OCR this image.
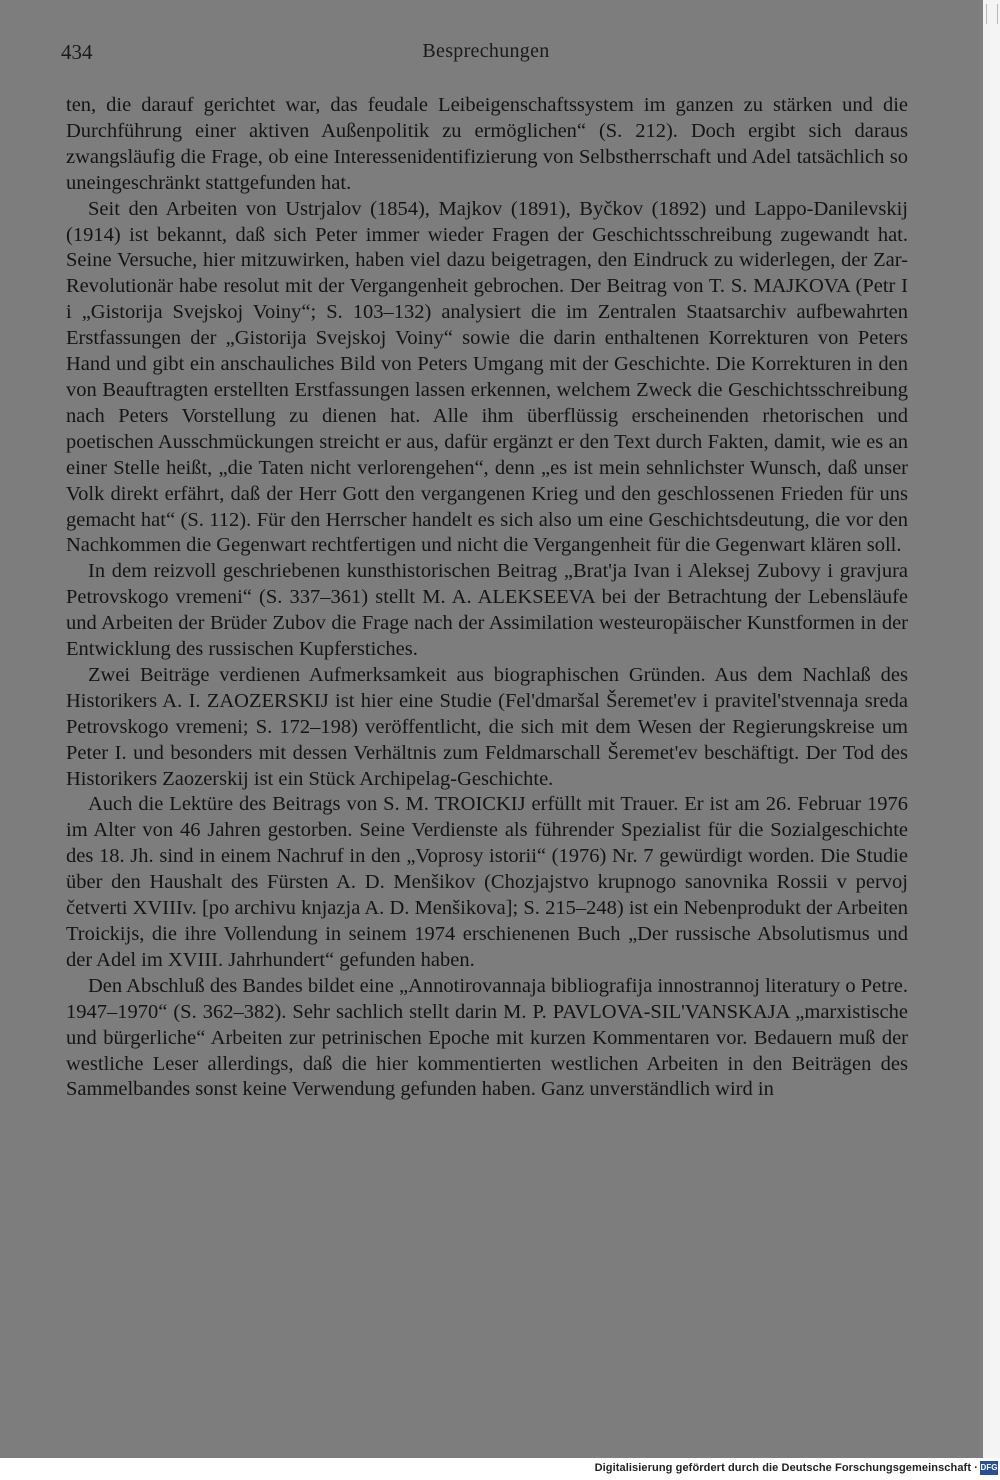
434	Besprechungen

ten, die darauf gerichtet war, das feudale Leibeigenschaftssystem im ganzen zu stärken und die Durchführung einer aktiven Außenpolitik zu ermöglichen“ (S. 212). Doch ergibt sich daraus zwangsläufig die Frage, ob eine Interessenidentifizierung von Selbstherrschaft und Adel tatsächlich so uneingeschränkt stattgefunden hat.

Seit den Arbeiten von Ustrjalov (1854), Majkov (1891), Byčkov (1892) und Lappo-Danilevskij (1914) ist bekannt, daß sich Peter immer wieder Fragen der Geschichtsschreibung zugewandt hat. Seine Versuche, hier mitzuwirken, haben viel dazu beigetragen, den Eindruck zu widerlegen, der Zar-Revolutionär habe resolut mit der Vergangenheit gebrochen. Der Beitrag von T. S. MAJKOVA (Petr I i „Gistorija Svejskoj Voiny“; S. 103–132) analysiert die im Zentralen Staatsarchiv aufbewahrten Erstfassungen der „Gistorija Svejskoj Voiny“ sowie die darin enthaltenen Korrekturen von Peters Hand und gibt ein anschauliches Bild von Peters Umgang mit der Geschichte. Die Korrekturen in den von Beauftragten erstellten Erstfassungen lassen erkennen, welchem Zweck die Geschichtsschreibung nach Peters Vorstellung zu dienen hat. Alle ihm überflüssig erscheinenden rhetorischen und poetischen Ausschmückungen streicht er aus, dafür ergänzt er den Text durch Fakten, damit, wie es an einer Stelle heißt, „die Taten nicht verlorengehen“, denn „es ist mein sehnlichster Wunsch, daß unser Volk direkt erfährt, daß der Herr Gott den vergangenen Krieg und den geschlossenen Frieden für uns gemacht hat“ (S. 112). Für den Herrscher handelt es sich also um eine Geschichtsdeutung, die vor den Nachkommen die Gegenwart rechtfertigen und nicht die Vergangenheit für die Gegenwart klären soll.

In dem reizvoll geschriebenen kunsthistorischen Beitrag „Brat'ja Ivan i Aleksej Zubovy i gravjura Petrovskogo vremeni“ (S. 337–361) stellt M. A. ALEKSEEVA bei der Betrachtung der Lebensläufe und Arbeiten der Brüder Zubov die Frage nach der Assimilation westeuropäischer Kunstformen in der Entwicklung des russischen Kupferstiches.

Zwei Beiträge verdienen Aufmerksamkeit aus biographischen Gründen. Aus dem Nachlaß des Historikers A. I. ZAOZERSKIJ ist hier eine Studie (Fel'dmaršal Šeremet'ev i pravitel'stvennaja sreda Petrovskogo vremeni; S. 172–198) veröffentlicht, die sich mit dem Wesen der Regierungskreise um Peter I. und besonders mit dessen Verhältnis zum Feldmarschall Šeremet'ev beschäftigt. Der Tod des Historikers Zaozerskij ist ein Stück Archipelag-Geschichte.

Auch die Lektüre des Beitrags von S. M. TROICKIJ erfüllt mit Trauer. Er ist am 26. Februar 1976 im Alter von 46 Jahren gestorben. Seine Verdienste als führender Spezialist für die Sozialgeschichte des 18. Jh. sind in einem Nachruf in den „Voprosy istorii“ (1976) Nr. 7 gewürdigt worden. Die Studie über den Haushalt des Fürsten A. D. Menšikov (Chozjajstvo krupnogo sanovnika Rossii v pervoj četverti XVIIIv. [po archivu knjazja A. D. Menšikova]; S. 215–248) ist ein Nebenprodukt der Arbeiten Troickijs, die ihre Vollendung in seinem 1974 erschienenen Buch „Der russische Absolutismus und der Adel im XVIII. Jahrhundert“ gefunden haben.

Den Abschluß des Bandes bildet eine „Annotirovannaja bibliografija innostrannoj literatury o Petre. 1947–1970“ (S. 362–382). Sehr sachlich stellt darin M. P. PAVLOVA-SIL'VANSKAJA „marxistische und bürgerliche“ Arbeiten zur petrinischen Epoche mit kurzen Kommentaren vor. Bedauern muß der westliche Leser allerdings, daß die hier kommentierten westlichen Arbeiten in den Beiträgen des Sammelbandes sonst keine Verwendung gefunden haben. Ganz unverständlich wird in

Digitalisierung gefördert durch die Deutsche Forschungsgemeinschaft · DFG
